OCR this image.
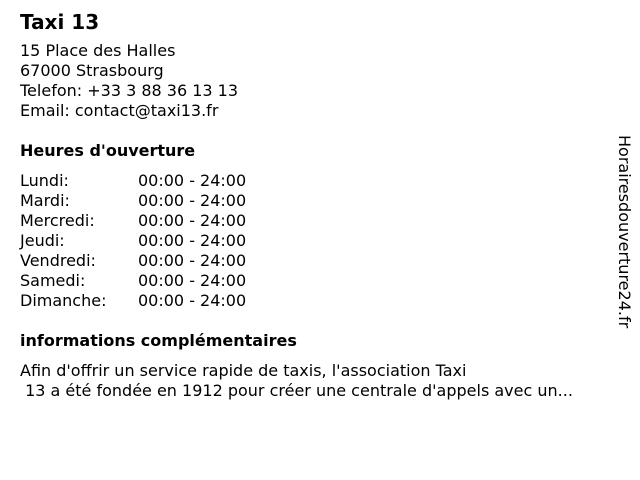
Taxi 13
15 Place des Halles
67000 Strasbourg
Telefon: +33 3 88 36 13 13
Email: contact@taxi13.fr
Heures d'ouverture
Lundi:	00:00 - 24:00
Mardi:	00:00 - 24:00
Mercredi:	00:00 - 24:00
Jeudi:	00:00 - 24:00
Vendredi:	00:00 - 24:00
Samedi:	00:00 - 24:00
Dimanche: 00:00 - 24:00
informations complémentaires
Afin d'offrir un service rapide de taxis, l'association Taxi
13 a été fondée en 1912 pour créer une centrale d'appels avec un...
Horairesdouverture24.fr
